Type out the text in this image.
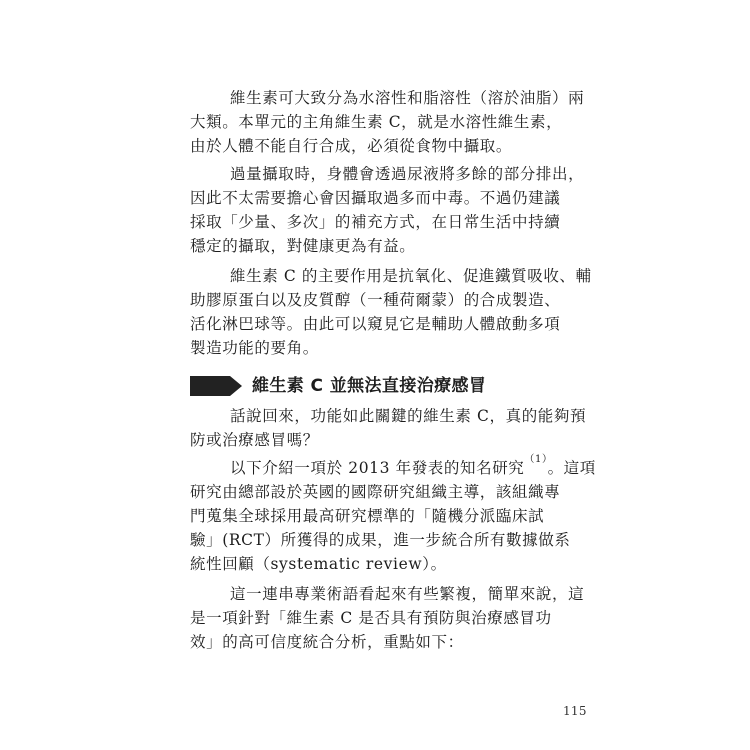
維生素可大致分為水溶性和脂溶性（溶於油脂）兩
大類。本單元的主角維生素 C，就是水溶性維生素，
由於人體不能自行合成，必須從食物中攝取。

過量攝取時，身體會透過尿液將多餘的部分排出，
因此不太需要擔心會因攝取過多而中毒。不過仍建議
採取「少量、多次」的補充方式，在日常生活中持續
穩定的攝取，對健康更為有益。

維生素 C 的主要作用是抗氧化、促進鐵質吸收、輔
助膠原蛋白以及皮質醇（一種荷爾蒙）的合成製造、
活化淋巴球等。由此可以窺見它是輔助人體啟動多項
製造功能的要角。

維生素 C 並無法直接治療感冒

話說回來，功能如此關鍵的維生素 C，真的能夠預
防或治療感冒嗎？

以下介紹一項於 2013 年發表的知名研究$^{(1)}$。這項
研究由總部設於英國的國際研究組織主導，該組織專
門蒐集全球採用最高研究標準的「隨機分派臨床試
驗」(RCT）所獲得的成果，進一步統合所有數據做系
統性回顧（systematic review）。

這一連串專業術語看起來有些繁複，簡單來說，這
是一項針對「維生素 C 是否具有預防與治療感冒功
效」的高可信度統合分析，重點如下：

115
